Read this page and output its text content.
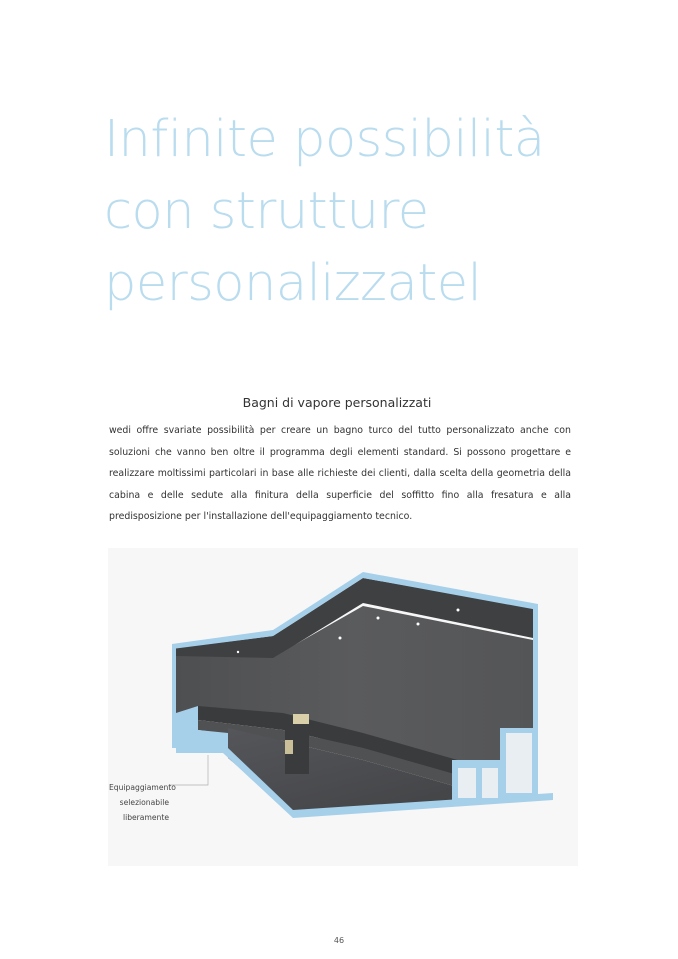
Infinite possibilità
con strutture
personalizzatel
Bagni di vapore personalizzati
wedi offre svariate possibilità per creare un bagno turco del tutto personalizzato anche con soluzioni che vanno ben oltre il programma degli elementi standard. Si possono progettare e realizzare moltissimi particolari in base alle richieste dei clienti, dalla scelta della geometria della cabina e delle sedute alla finitura della superficie del soffitto fino alla fresatura e alla predisposizione per l'installazione dell'equipaggiamento tecnico.
Equipaggiamento
selezionabile
liberamente
46
